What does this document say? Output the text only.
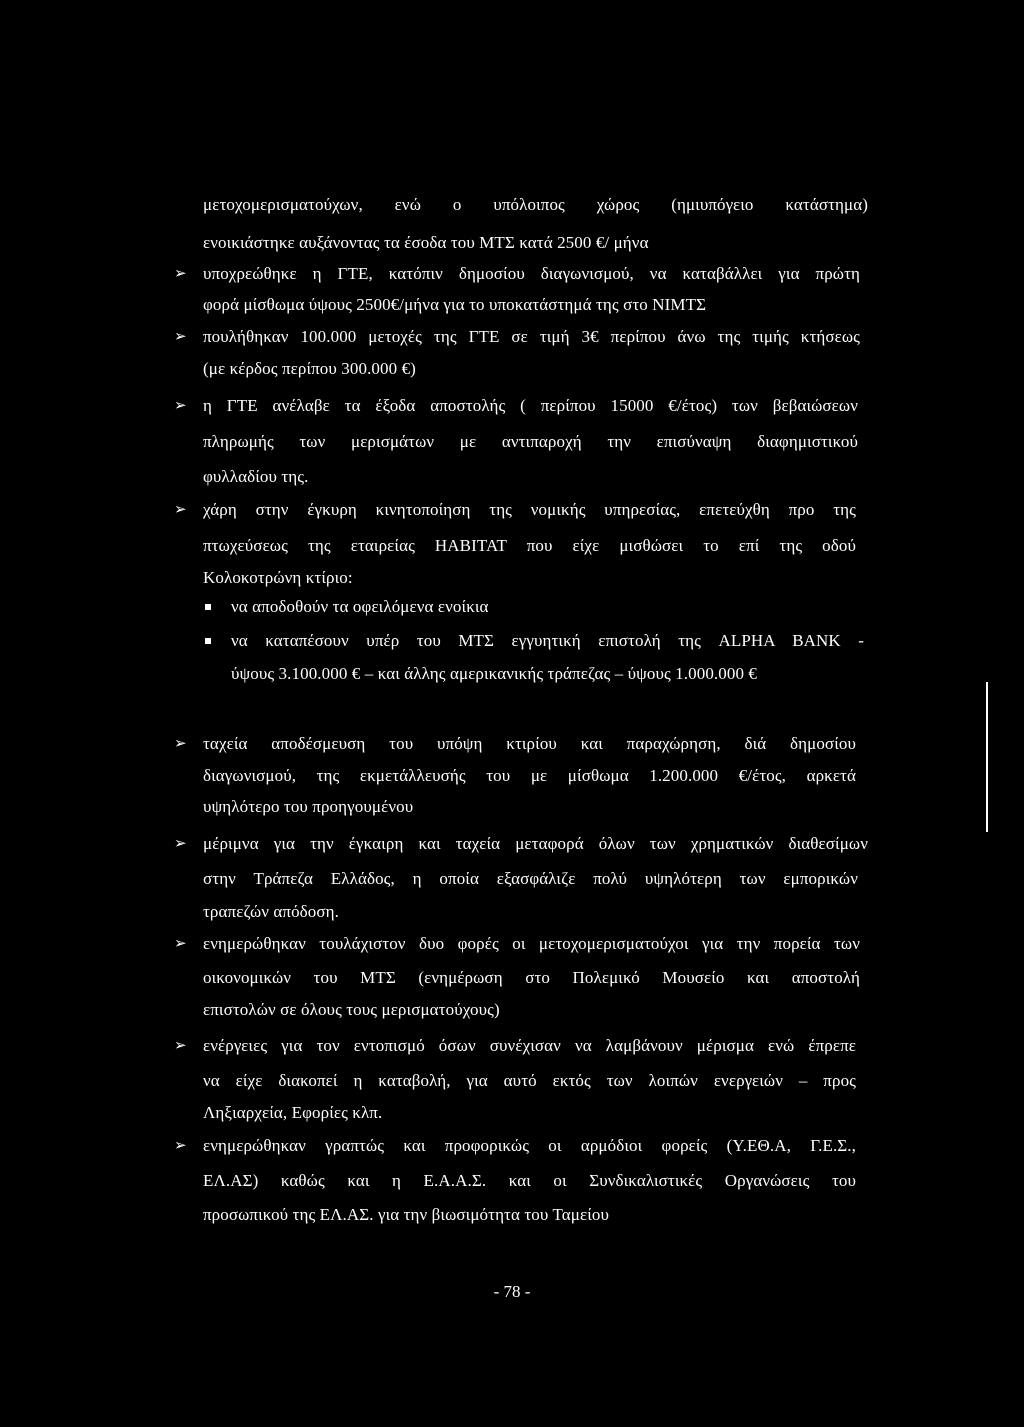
μετοχομερισματούχων, ενώ ο υπόλοιπος χώρος (ημιυπόγειο κατάστημα)
ενοικιάστηκε αυξάνοντας τα έσοδα του ΜΤΣ κατά 2500 €/ μήνα
➢ υποχρεώθηκε η ΓΤΕ, κατόπιν δημοσίου διαγωνισμού, να καταβάλλει για πρώτη
φορά μίσθωμα ύψους 2500€/μήνα για το υποκατάστημά της στο ΝΙΜΤΣ
➢ πουλήθηκαν 100.000 μετοχές της ΓΤΕ σε τιμή 3€ περίπου άνω της τιμής κτήσεως
(με κέρδος περίπου 300.000 €)
➢ η ΓΤΕ ανέλαβε τα έξοδα αποστολής ( περίπου 15000 €/έτος) των βεβαιώσεων
πληρωμής των μερισμάτων με αντιπαροχή την επισύναψη διαφημιστικού
φυλλαδίου της.
➢ χάρη στην έγκυρη κινητοποίηση της νομικής υπηρεσίας, επετεύχθη προ της
πτωχεύσεως της εταιρείας HABITAT που είχε μισθώσει το επί της οδού
Κολοκοτρώνη κτίριο:
να αποδοθούν τα οφειλόμενα ενοίκια
να καταπέσουν υπέρ του ΜΤΣ εγγυητική επιστολή της ALPHA BANK -
ύψους 3.100.000 € – και άλλης αμερικανικής τράπεζας – ύψους 1.000.000 €
➢ ταχεία αποδέσμευση του υπόψη κτιρίου και παραχώρηση, διά δημοσίου
διαγωνισμού, της εκμετάλλευσής του με μίσθωμα 1.200.000 €/έτος, αρκετά
υψηλότερο του προηγουμένου
➢ μέριμνα για την έγκαιρη και ταχεία μεταφορά όλων των χρηματικών διαθεσίμων
στην Τράπεζα Ελλάδος, η οποία εξασφάλιζε πολύ υψηλότερη των εμπορικών
τραπεζών απόδοση.
➢ ενημερώθηκαν τουλάχιστον δυο φορές οι μετοχομερισματούχοι για την πορεία των
οικονομικών του ΜΤΣ (ενημέρωση στο Πολεμικό Μουσείο και αποστολή
επιστολών σε όλους τους μερισματούχους)
➢ ενέργειες για τον εντοπισμό όσων συνέχισαν να λαμβάνουν μέρισμα ενώ έπρεπε
να είχε διακοπεί η καταβολή, για αυτό εκτός των λοιπών ενεργειών – προς
Ληξιαρχεία, Εφορίες κλπ.
➢ ενημερώθηκαν γραπτώς και προφορικώς οι αρμόδιοι φορείς (Υ.ΕΘ.Α, Γ.Ε.Σ.,
ΕΛ.ΑΣ) καθώς και η Ε.Α.Α.Σ. και οι Συνδικαλιστικές Οργανώσεις του
προσωπικού της ΕΛ.ΑΣ. για την βιωσιμότητα του Ταμείου
- 78 -
